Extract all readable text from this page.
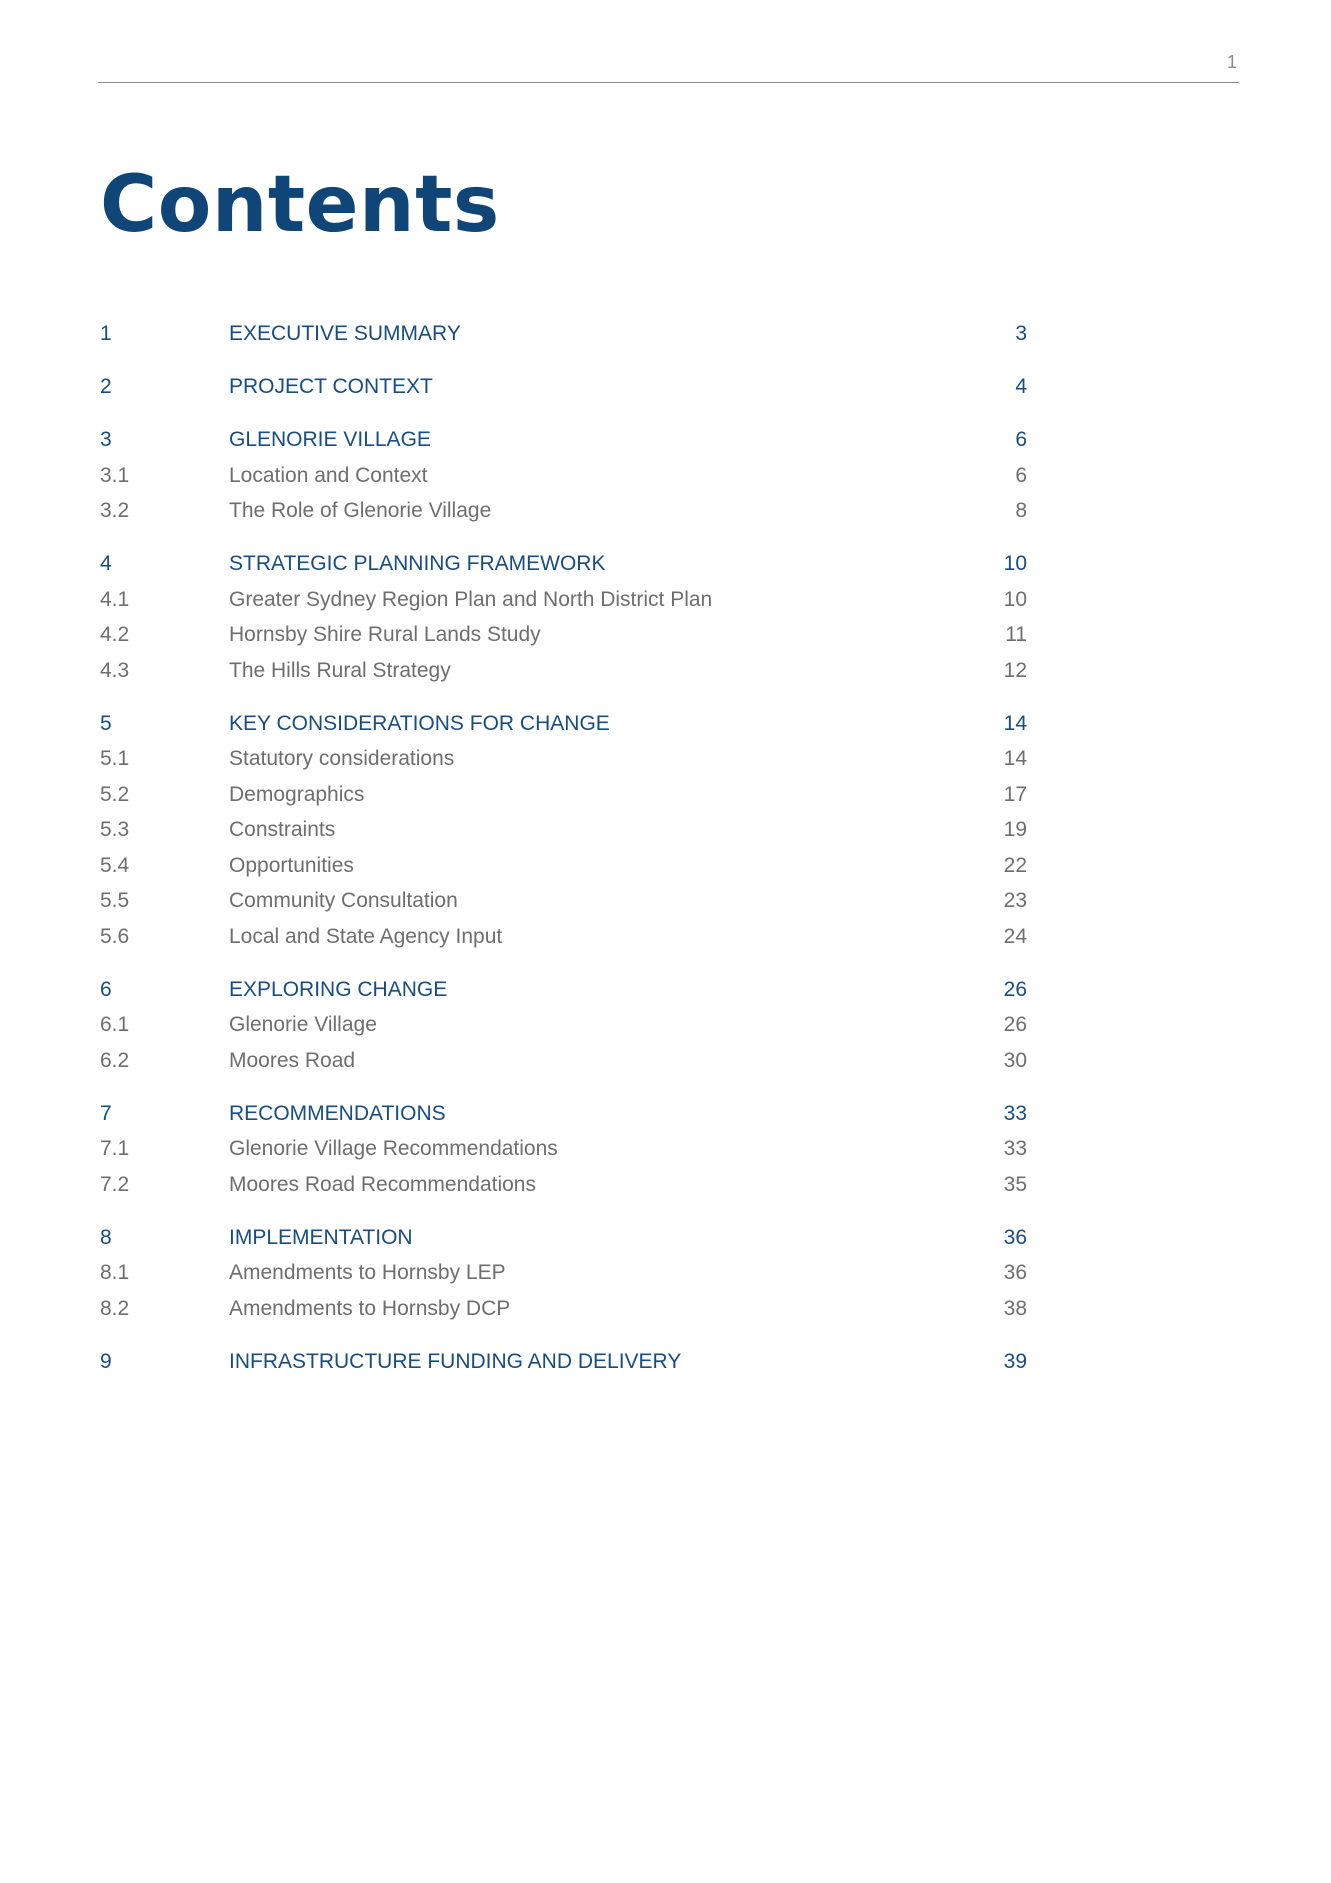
1
Contents
1	EXECUTIVE SUMMARY	3
2	PROJECT CONTEXT	4
3	GLENORIE VILLAGE	6
3.1	Location and Context	6
3.2	The Role of Glenorie Village	8
4	STRATEGIC PLANNING FRAMEWORK	10
4.1	Greater Sydney Region Plan and North District Plan	10
4.2	Hornsby Shire Rural Lands Study	11
4.3	The Hills Rural Strategy	12
5	KEY CONSIDERATIONS FOR CHANGE	14
5.1	Statutory considerations	14
5.2	Demographics	17
5.3	Constraints	19
5.4	Opportunities	22
5.5	Community Consultation	23
5.6	Local and State Agency Input	24
6	EXPLORING CHANGE	26
6.1	Glenorie Village	26
6.2	Moores Road	30
7	RECOMMENDATIONS	33
7.1	Glenorie Village Recommendations	33
7.2	Moores Road Recommendations	35
8	IMPLEMENTATION	36
8.1	Amendments to Hornsby LEP	36
8.2	Amendments to Hornsby DCP	38
9	INFRASTRUCTURE FUNDING AND DELIVERY	39
